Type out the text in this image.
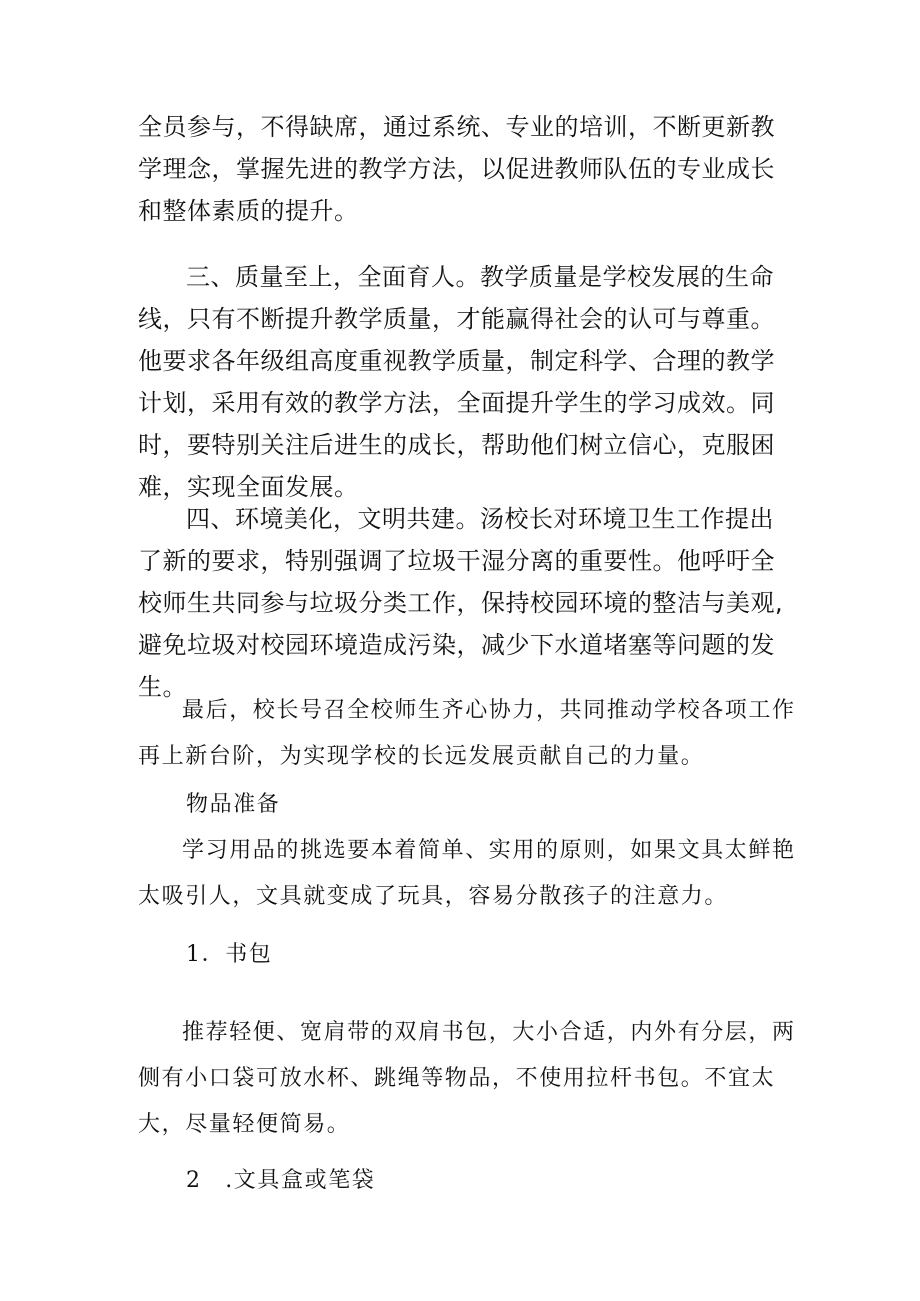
全员参与，不得缺席，通过系统、专业的培训，不断更新教学理念，掌握先进的教学方法，以促进教师队伍的专业成长和整体素质的提升。

三、质量至上，全面育人。教学质量是学校发展的生命线，只有不断提升教学质量，才能赢得社会的认可与尊重。他要求各年级组高度重视教学质量，制定科学、合理的教学计划，采用有效的教学方法，全面提升学生的学习成效。同时，要特别关注后进生的成长，帮助他们树立信心，克服困难，实现全面发展。

四、环境美化，文明共建。汤校长对环境卫生工作提出了新的要求，特别强调了垃圾干湿分离的重要性。他呼吁全校师生共同参与垃圾分类工作，保持校园环境的整洁与美观,避免垃圾对校园环境造成污染，减少下水道堵塞等问题的发生。

最后，校长号召全校师生齐心协力，共同推动学校各项工作再上新台阶，为实现学校的长远发展贡献自己的力量。

物品准备

学习用品的挑选要本着简单、实用的原则，如果文具太鲜艳太吸引人，文具就变成了玩具，容易分散孩子的注意力。

1．书包

推荐轻便、宽肩带的双肩书包，大小合适，内外有分层，两侧有小口袋可放水杯、跳绳等物品，不使用拉杆书包。不宜太大，尽量轻便简易。

2　.文具盒或笔袋
